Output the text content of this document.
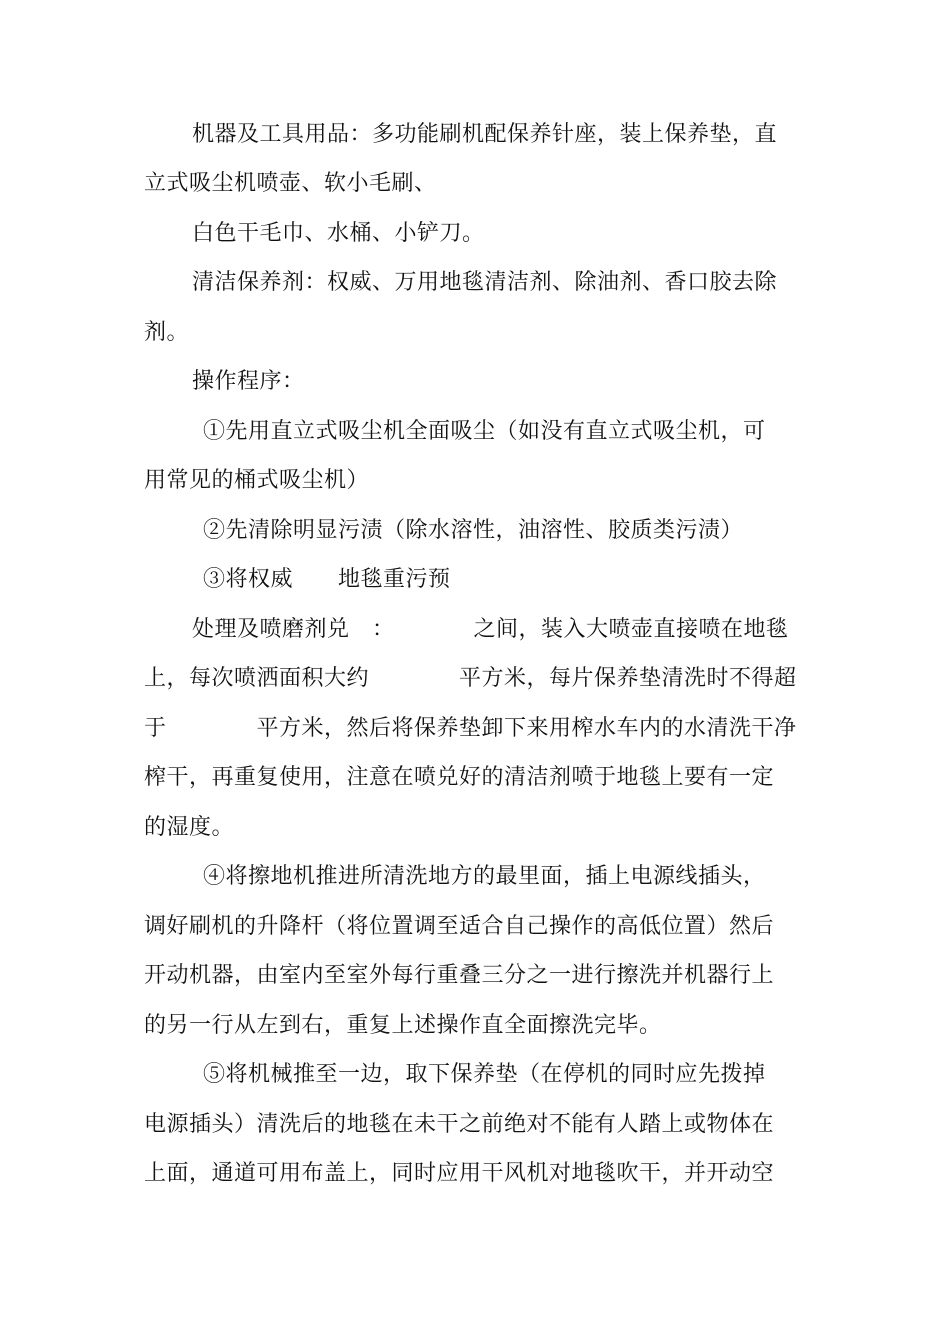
机器及工具用品：多功能刷机配保养针座，装上保养垫，直
立式吸尘机喷壶、软小毛刷、
白色干毛巾、水桶、小铲刀。
清洁保养剂：权威、万用地毯清洁剂、除油剂、香口胶去除
剂。
操作程序：
①先用直立式吸尘机全面吸尘（如没有直立式吸尘机，可
用常见的桶式吸尘机）
②先清除明显污渍（除水溶性，油溶性、胶质类污渍）
③将权威　　地毯重污预
处理及喷磨剂兑　：　　　　之间，装入大喷壶直接喷在地毯
上，每次喷洒面积大约　　　　平方米，每片保养垫清洗时不得超
于　　　　平方米，然后将保养垫卸下来用榨水车内的水清洗干净
榨干，再重复使用，注意在喷兑好的清洁剂喷于地毯上要有一定
的湿度。
④将擦地机推进所清洗地方的最里面，插上电源线插头，
调好刷机的升降杆（将位置调至适合自己操作的高低位置）然后
开动机器，由室内至室外每行重叠三分之一进行擦洗并机器行上
的另一行从左到右，重复上述操作直全面擦洗完毕。
⑤将机械推至一边，取下保养垫（在停机的同时应先拨掉
电源插头）清洗后的地毯在未干之前绝对不能有人踏上或物体在
上面，通道可用布盖上，同时应用干风机对地毯吹干，并开动空
